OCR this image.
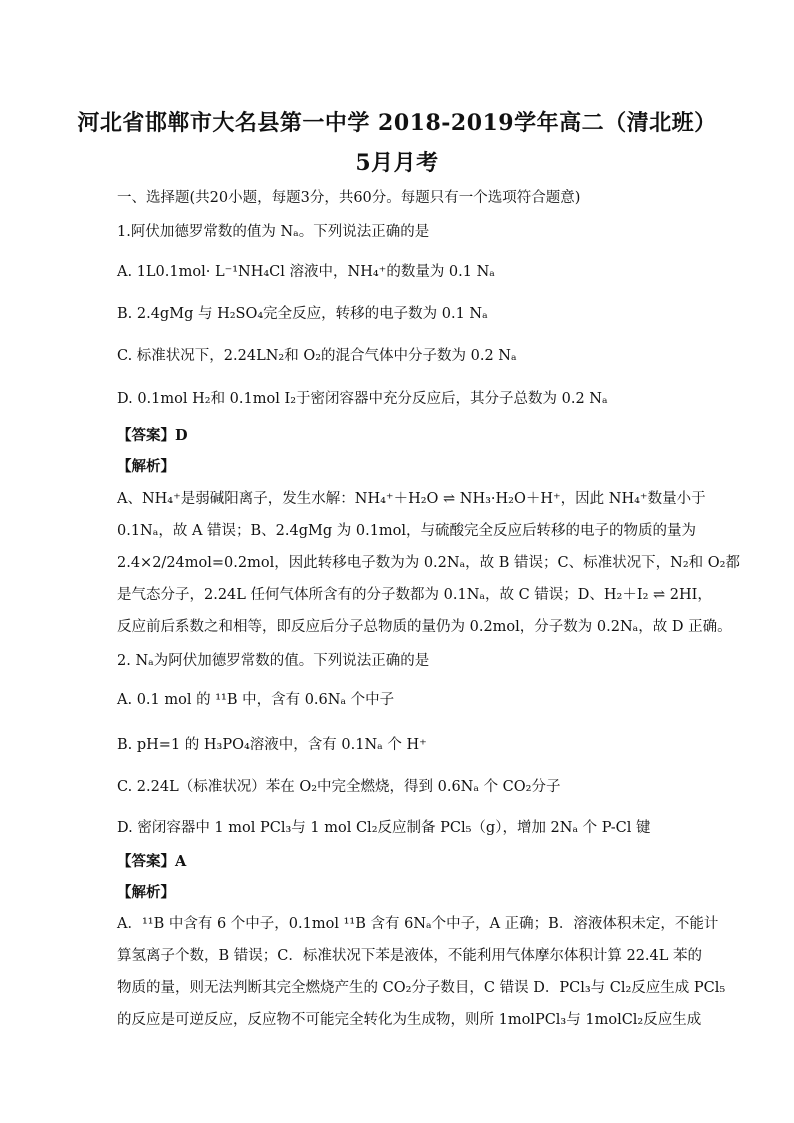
河北省邯郸市大名县第一中学 2018-2019学年高二（清北班）
5月月考
一、选择题(共20小题，每题3分，共60分。每题只有一个选项符合题意)
1.阿伏加德罗常数的值为 Nₐ。下列说法正确的是
A. 1L0.1mol· L⁻¹NH₄Cl 溶液中，NH₄⁺的数量为 0.1 Nₐ
B. 2.4gMg 与 H₂SO₄完全反应，转移的电子数为 0.1 Nₐ
C. 标准状况下，2.24LN₂和 O₂的混合气体中分子数为 0.2 Nₐ
D. 0.1mol H₂和 0.1mol I₂于密闭容器中充分反应后，其分子总数为 0.2 Nₐ
【答案】D
【解析】
A、NH₄⁺是弱碱阳离子，发生水解：NH₄⁺＋H₂O ⇌ NH₃·H₂O＋H⁺，因此 NH₄⁺数量小于
0.1Nₐ，故 A 错误；B、2.4gMg 为 0.1mol，与硫酸完全反应后转移的电子的物质的量为
2.4×2/24mol=0.2mol，因此转移电子数为为 0.2Nₐ，故 B 错误；C、标准状况下，N₂和 O₂都
是气态分子，2.24L 任何气体所含有的分子数都为 0.1Nₐ，故 C 错误；D、H₂＋I₂ ⇌ 2HI，
反应前后系数之和相等，即反应后分子总物质的量仍为 0.2mol，分子数为 0.2Nₐ，故 D 正确。
2. Nₐ为阿伏加德罗常数的值。下列说法正确的是
A. 0.1 mol 的 ¹¹B 中，含有 0.6Nₐ 个中子
B. pH=1 的 H₃PO₄溶液中，含有 0.1Nₐ 个 H⁺
C. 2.24L（标准状况）苯在 O₂中完全燃烧，得到 0.6Nₐ 个 CO₂分子
D. 密闭容器中 1 mol PCl₃与 1 mol Cl₂反应制备 PCl₅（g），增加 2Nₐ 个 P-Cl 键
【答案】A
【解析】
A．¹¹B 中含有 6 个中子，0.1mol ¹¹B 含有 6Nₐ个中子，A 正确；B．溶液体积未定，不能计
算氢离子个数，B 错误；C．标准状况下苯是液体，不能利用气体摩尔体积计算 22.4L 苯的
物质的量，则无法判断其完全燃烧产生的 CO₂分子数目，C 错误 D．PCl₃与 Cl₂反应生成 PCl₅
的反应是可逆反应，反应物不可能完全转化为生成物，则所 1molPCl₃与 1molCl₂反应生成
